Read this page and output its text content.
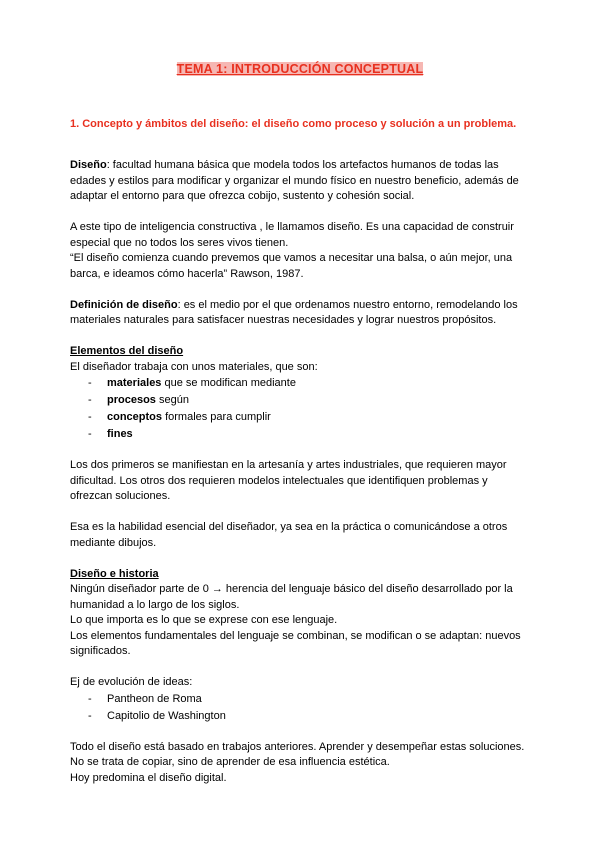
TEMA 1: INTRODUCCIÓN CONCEPTUAL
1. Concepto y ámbitos del diseño: el diseño como proceso y solución a un problema.
Diseño: facultad humana básica que modela todos los artefactos humanos de todas las edades y estilos para modificar y organizar el mundo físico en nuestro beneficio, además de adaptar el entorno para que ofrezca cobijo, sustento y cohesión social.
A este tipo de inteligencia constructiva , le llamamos diseño. Es una capacidad de construir especial que no todos los seres vivos tienen.
“El diseño comienza cuando prevemos que vamos a necesitar una balsa, o aún mejor, una barca, e ideamos cómo hacerla” Rawson, 1987.
Definición de diseño: es el medio por el que ordenamos nuestro entorno, remodelando los materiales naturales para satisfacer nuestras necesidades y lograr nuestros propósitos.
Elementos del diseño
El diseñador trabaja con unos materiales, que son:
-	materiales que se modifican mediante
-	procesos según
-	conceptos formales para cumplir
-	fines
Los dos primeros se manifiestan en la artesanía y artes industriales, que requieren mayor dificultad. Los otros dos requieren modelos intelectuales que identifiquen problemas y ofrezcan soluciones.
Esa es la habilidad esencial del diseñador, ya sea en la práctica o comunicándose a otros mediante dibujos.
Diseño e historia
Ningún diseñador parte de 0 → herencia del lenguaje básico del diseño desarrollado por la humanidad a lo largo de los siglos.
Lo que importa es lo que se exprese con ese lenguaje.
Los elementos fundamentales del lenguaje se combinan, se modifican o se adaptan: nuevos significados.
Ej de evolución de ideas:
-	Pantheon de Roma
-	Capitolio de Washington
Todo el diseño está basado en trabajos anteriores. Aprender y desempeñar estas soluciones. No se trata de copiar, sino de aprender de esa influencia estética.
Hoy predomina el diseño digital.
